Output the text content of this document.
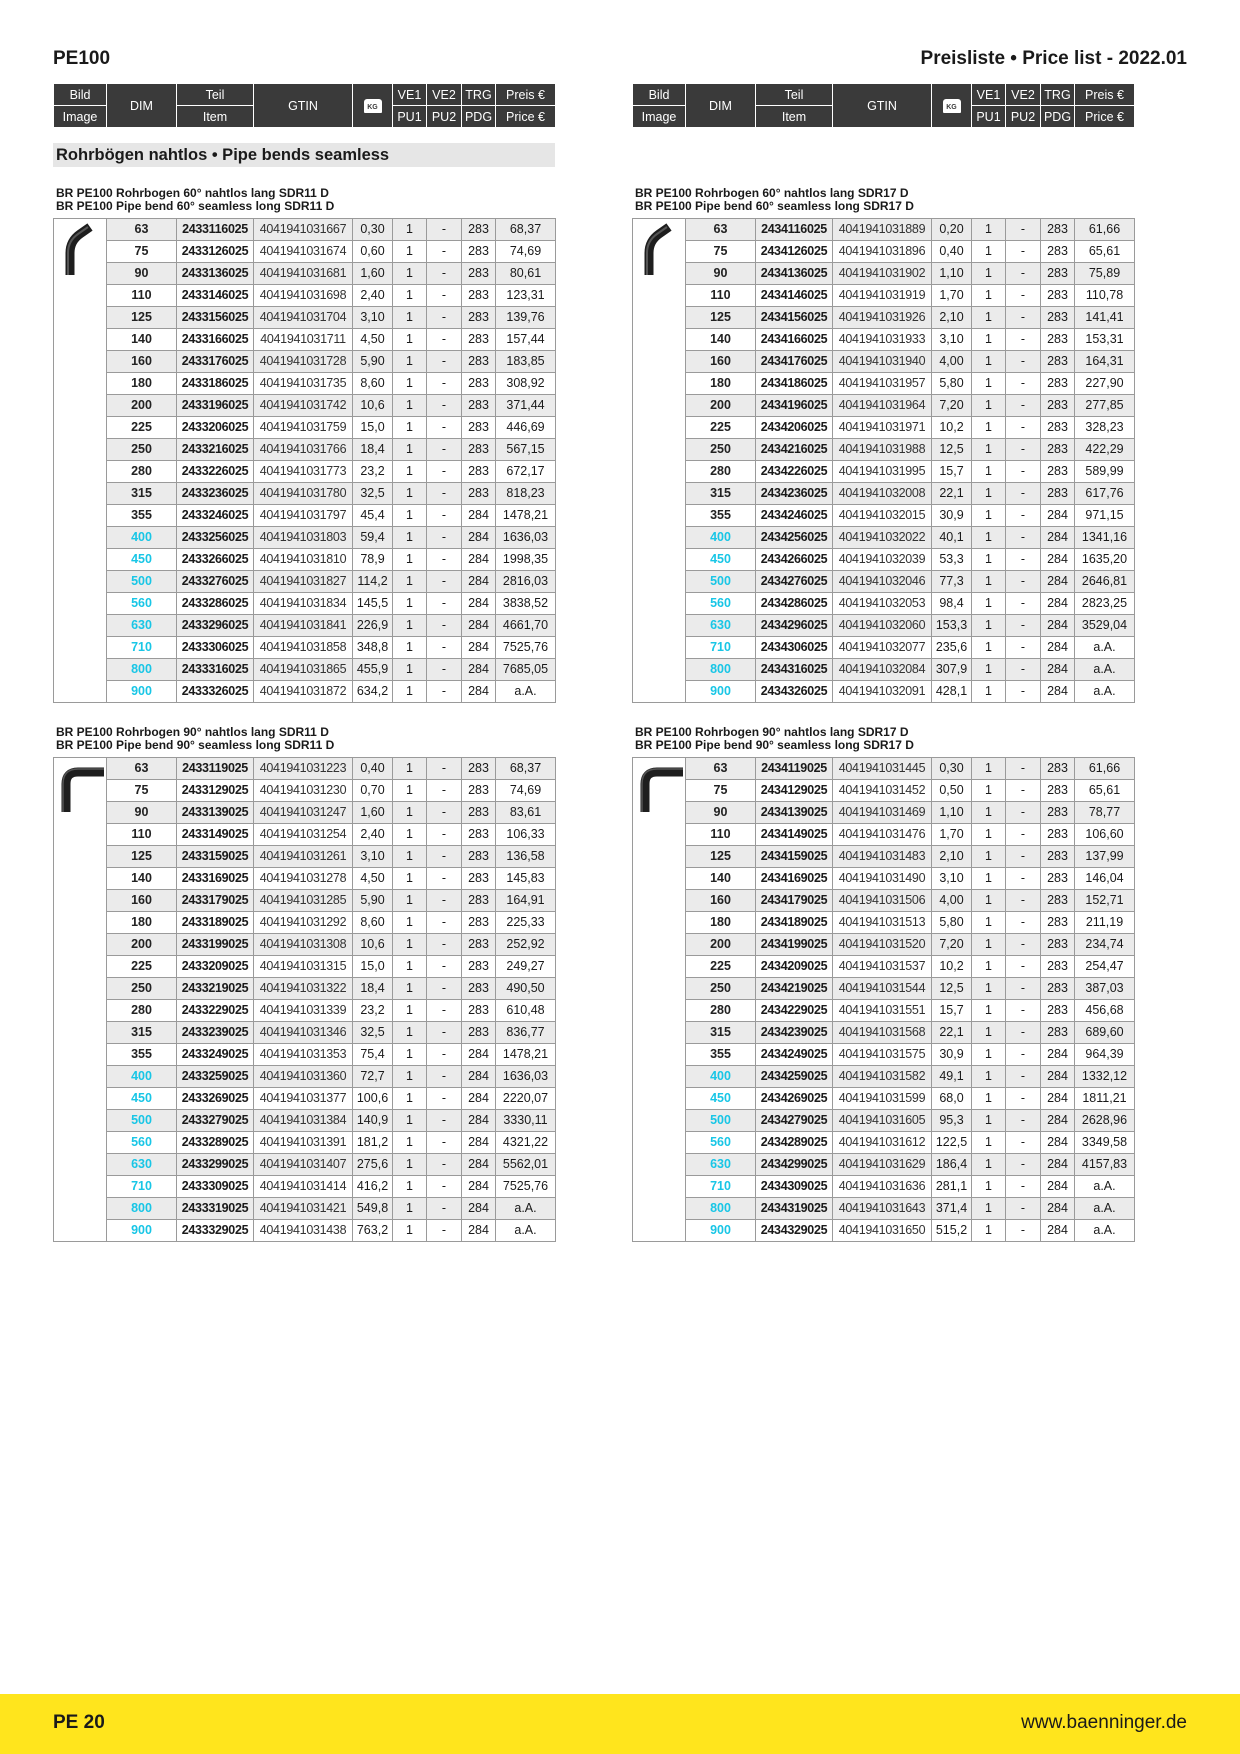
PE100	Preisliste • Price list - 2022.01
Bild	DIM	Teil	GTIN	KG	VE1	VE2	TRG	Preis €
Image		Item			PU1	PU2	PDG	Price €
Bild	DIM	Teil	GTIN	KG	VE1	VE2	TRG	Preis €
Image		Item			PU1	PU2	PDG	Price €
Rohrbögen nahtlos • Pipe bends seamless
BR PE100 Rohrbogen 60° nahtlos lang SDR11 D
BR PE100 Pipe bend 60° seamless long SDR11 D
BR PE100 Rohrbogen 60° nahtlos lang SDR17 D
BR PE100 Pipe bend 60° seamless long SDR17 D
BR PE100 Rohrbogen 90° nahtlos lang SDR11 D
BR PE100 Pipe bend 90° seamless long SDR11 D
BR PE100 Rohrbogen 90° nahtlos lang SDR17 D
BR PE100 Pipe bend 90° seamless long SDR17 D
	63	2433116025	4041941031667	0,30	1	-	283	68,37
	75	2433126025	4041941031674	0,60	1	-	283	74,69
	90	2433136025	4041941031681	1,60	1	-	283	80,61
	110	2433146025	4041941031698	2,40	1	-	283	123,31
	125	2433156025	4041941031704	3,10	1	-	283	139,76
	140	2433166025	4041941031711	4,50	1	-	283	157,44
	160	2433176025	4041941031728	5,90	1	-	283	183,85
	180	2433186025	4041941031735	8,60	1	-	283	308,92
	200	2433196025	4041941031742	10,6	1	-	283	371,44
	225	2433206025	4041941031759	15,0	1	-	283	446,69
	250	2433216025	4041941031766	18,4	1	-	283	567,15
	280	2433226025	4041941031773	23,2	1	-	283	672,17
	315	2433236025	4041941031780	32,5	1	-	283	818,23
	355	2433246025	4041941031797	45,4	1	-	284	1478,21
	400	2433256025	4041941031803	59,4	1	-	284	1636,03
	450	2433266025	4041941031810	78,9	1	-	284	1998,35
	500	2433276025	4041941031827	114,2	1	-	284	2816,03
	560	2433286025	4041941031834	145,5	1	-	284	3838,52
	630	2433296025	4041941031841	226,9	1	-	284	4661,70
	710	2433306025	4041941031858	348,8	1	-	284	7525,76
	800	2433316025	4041941031865	455,9	1	-	284	7685,05
	900	2433326025	4041941031872	634,2	1	-	284	a.A.
	63	2434116025	4041941031889	0,20	1	-	283	61,66
	75	2434126025	4041941031896	0,40	1	-	283	65,61
	90	2434136025	4041941031902	1,10	1	-	283	75,89
	110	2434146025	4041941031919	1,70	1	-	283	110,78
	125	2434156025	4041941031926	2,10	1	-	283	141,41
	140	2434166025	4041941031933	3,10	1	-	283	153,31
	160	2434176025	4041941031940	4,00	1	-	283	164,31
	180	2434186025	4041941031957	5,80	1	-	283	227,90
	200	2434196025	4041941031964	7,20	1	-	283	277,85
	225	2434206025	4041941031971	10,2	1	-	283	328,23
	250	2434216025	4041941031988	12,5	1	-	283	422,29
	280	2434226025	4041941031995	15,7	1	-	283	589,99
	315	2434236025	4041941032008	22,1	1	-	283	617,76
	355	2434246025	4041941032015	30,9	1	-	284	971,15
	400	2434256025	4041941032022	40,1	1	-	284	1341,16
	450	2434266025	4041941032039	53,3	1	-	284	1635,20
	500	2434276025	4041941032046	77,3	1	-	284	2646,81
	560	2434286025	4041941032053	98,4	1	-	284	2823,25
	630	2434296025	4041941032060	153,3	1	-	284	3529,04
	710	2434306025	4041941032077	235,6	1	-	284	a.A.
	800	2434316025	4041941032084	307,9	1	-	284	a.A.
	900	2434326025	4041941032091	428,1	1	-	284	a.A.
	63	2433119025	4041941031223	0,40	1	-	283	68,37
	75	2433129025	4041941031230	0,70	1	-	283	74,69
	90	2433139025	4041941031247	1,60	1	-	283	83,61
	110	2433149025	4041941031254	2,40	1	-	283	106,33
	125	2433159025	4041941031261	3,10	1	-	283	136,58
	140	2433169025	4041941031278	4,50	1	-	283	145,83
	160	2433179025	4041941031285	5,90	1	-	283	164,91
	180	2433189025	4041941031292	8,60	1	-	283	225,33
	200	2433199025	4041941031308	10,6	1	-	283	252,92
	225	2433209025	4041941031315	15,0	1	-	283	249,27
	250	2433219025	4041941031322	18,4	1	-	283	490,50
	280	2433229025	4041941031339	23,2	1	-	283	610,48
	315	2433239025	4041941031346	32,5	1	-	283	836,77
	355	2433249025	4041941031353	75,4	1	-	284	1478,21
	400	2433259025	4041941031360	72,7	1	-	284	1636,03
	450	2433269025	4041941031377	100,6	1	-	284	2220,07
	500	2433279025	4041941031384	140,9	1	-	284	3330,11
	560	2433289025	4041941031391	181,2	1	-	284	4321,22
	630	2433299025	4041941031407	275,6	1	-	284	5562,01
	710	2433309025	4041941031414	416,2	1	-	284	7525,76
	800	2433319025	4041941031421	549,8	1	-	284	a.A.
	900	2433329025	4041941031438	763,2	1	-	284	a.A.
	63	2434119025	4041941031445	0,30	1	-	283	61,66
	75	2434129025	4041941031452	0,50	1	-	283	65,61
	90	2434139025	4041941031469	1,10	1	-	283	78,77
	110	2434149025	4041941031476	1,70	1	-	283	106,60
	125	2434159025	4041941031483	2,10	1	-	283	137,99
	140	2434169025	4041941031490	3,10	1	-	283	146,04
	160	2434179025	4041941031506	4,00	1	-	283	152,71
	180	2434189025	4041941031513	5,80	1	-	283	211,19
	200	2434199025	4041941031520	7,20	1	-	283	234,74
	225	2434209025	4041941031537	10,2	1	-	283	254,47
	250	2434219025	4041941031544	12,5	1	-	283	387,03
	280	2434229025	4041941031551	15,7	1	-	283	456,68
	315	2434239025	4041941031568	22,1	1	-	283	689,60
	355	2434249025	4041941031575	30,9	1	-	284	964,39
	400	2434259025	4041941031582	49,1	1	-	284	1332,12
	450	2434269025	4041941031599	68,0	1	-	284	1811,21
	500	2434279025	4041941031605	95,3	1	-	284	2628,96
	560	2434289025	4041941031612	122,5	1	-	284	3349,58
	630	2434299025	4041941031629	186,4	1	-	284	4157,83
	710	2434309025	4041941031636	281,1	1	-	284	a.A.
	800	2434319025	4041941031643	371,4	1	-	284	a.A.
	900	2434329025	4041941031650	515,2	1	-	284	a.A.
PE 20	www.baenninger.de
